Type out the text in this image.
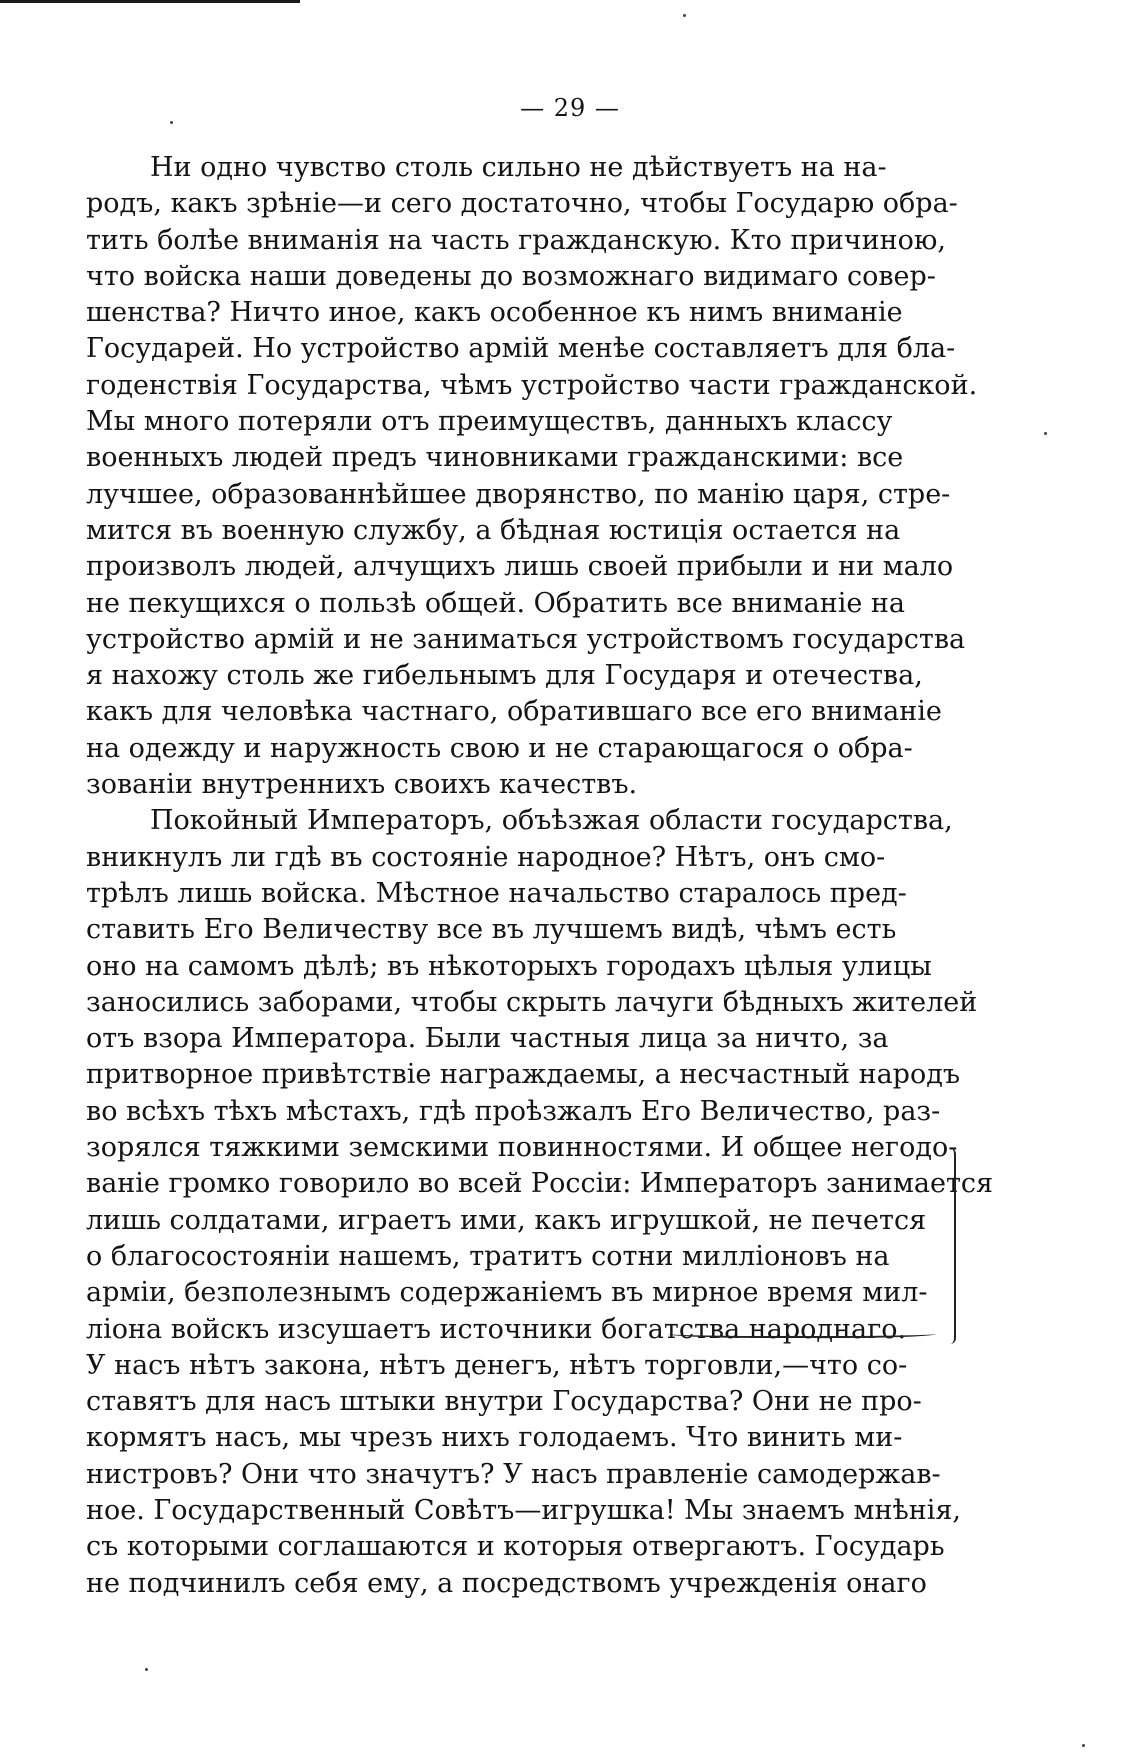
— 29 —
Ни одно чувство столь сильно не дѣйствуетъ на на-
родъ, какъ зрѣніе—и сего достаточно, чтобы Государю обра-
тить болѣе вниманія на часть гражданскую. Кто причиною,
что войска наши доведены до возможнаго видимаго совер-
шенства? Ничто иное, какъ особенное къ нимъ вниманіе
Государей. Но устройство армій менѣе составляетъ для бла-
годенствія Государства, чѣмъ устройство части гражданской.
Мы много потеряли отъ преимуществъ, данныхъ классу
военныхъ людей предъ чиновниками гражданскими: все
лучшее, образованнѣйшее дворянство, по манію царя, стре-
мится въ военную службу, а бѣдная юстиція остается на
произволъ людей, алчущихъ лишь своей прибыли и ни мало
не пекущихся о пользѣ общей. Обратить все вниманіе на
устройство армій и не заниматься устройствомъ государства
я нахожу столь же гибельнымъ для Государя и отечества,
какъ для человѣка частнаго, обратившаго все его вниманіе
на одежду и наружность свою и не старающагося о обра-
зованіи внутреннихъ своихъ качествъ.
Покойный Императоръ, объѣзжая области государства,
вникнулъ ли гдѣ въ состояніе народное? Нѣтъ, онъ смо-
трѣлъ лишь войска. Мѣстное начальство старалось пред-
ставить Его Величеству все въ лучшемъ видѣ, чѣмъ есть
оно на самомъ дѣлѣ; въ нѣкоторыхъ городахъ цѣлыя улицы
заносились заборами, чтобы скрыть лачуги бѣдныхъ жителей
отъ взора Императора. Были частныя лица за ничто, за
притворное привѣтствіе награждаемы, а несчастный народъ
во всѣхъ тѣхъ мѣстахъ, гдѣ проѣзжалъ Его Величество, раз-
зорялся тяжкими земскими повинностями. И общее негодо-
ваніе громко говорило во всей Россіи: Императоръ занимается
лишь солдатами, играетъ ими, какъ игрушкой, не печется
о благосостояніи нашемъ, тратитъ сотни милліоновъ на
арміи, безполезнымъ содержаніемъ въ мирное время мил-
ліона войскъ изсушаетъ источники богатства народнаго.
У насъ нѣтъ закона, нѣтъ денегъ, нѣтъ торговли,—что со-
ставятъ для насъ штыки внутри Государства? Они не про-
кормятъ насъ, мы чрезъ нихъ голодаемъ. Что винить ми-
нистровъ? Они что значутъ? У насъ правленіе самодержав-
ное. Государственный Совѣтъ—игрушка! Мы знаемъ мнѣнія,
съ которыми соглашаются и которыя отвергаютъ. Государь
не подчинилъ себя ему, а посредствомъ учрежденія онаго
